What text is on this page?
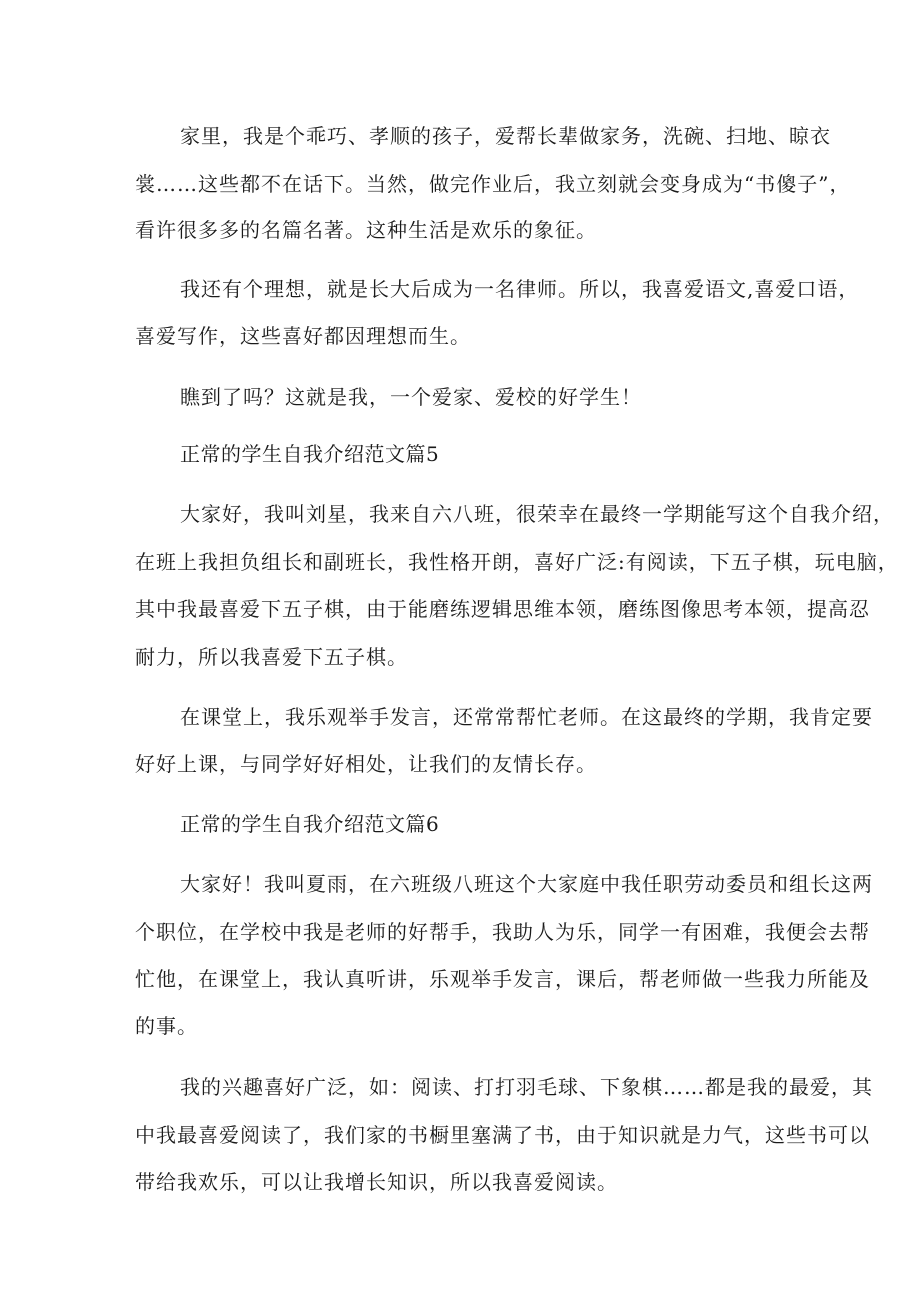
家里，我是个乖巧、孝顺的孩子，爱帮长辈做家务，洗碗、扫地、晾衣
裳……这些都不在话下。当然，做完作业后，我立刻就会变身成为“书傻子”，
看许很多多的名篇名著。这种生活是欢乐的象征。
我还有个理想，就是长大后成为一名律师。所以，我喜爱语文,喜爱口语，
喜爱写作，这些喜好都因理想而生。
瞧到了吗？这就是我，一个爱家、爱校的好学生！
正常的学生自我介绍范文篇5
大家好，我叫刘星，我来自六八班，很荣幸在最终一学期能写这个自我介绍，
在班上我担负组长和副班长，我性格开朗，喜好广泛:有阅读，下五子棋，玩电脑，
其中我最喜爱下五子棋，由于能磨练逻辑思维本领，磨练图像思考本领，提高忍
耐力，所以我喜爱下五子棋。
在课堂上，我乐观举手发言，还常常帮忙老师。在这最终的学期，我肯定要
好好上课，与同学好好相处，让我们的友情长存。
正常的学生自我介绍范文篇6
大家好！我叫夏雨，在六班级八班这个大家庭中我任职劳动委员和组长这两
个职位，在学校中我是老师的好帮手，我助人为乐，同学一有困难，我便会去帮
忙他，在课堂上，我认真听讲，乐观举手发言，课后，帮老师做一些我力所能及
的事。
我的兴趣喜好广泛，如：阅读、打打羽毛球、下象棋……都是我的最爱，其
中我最喜爱阅读了，我们家的书橱里塞满了书，由于知识就是力气，这些书可以
带给我欢乐，可以让我增长知识，所以我喜爱阅读。
